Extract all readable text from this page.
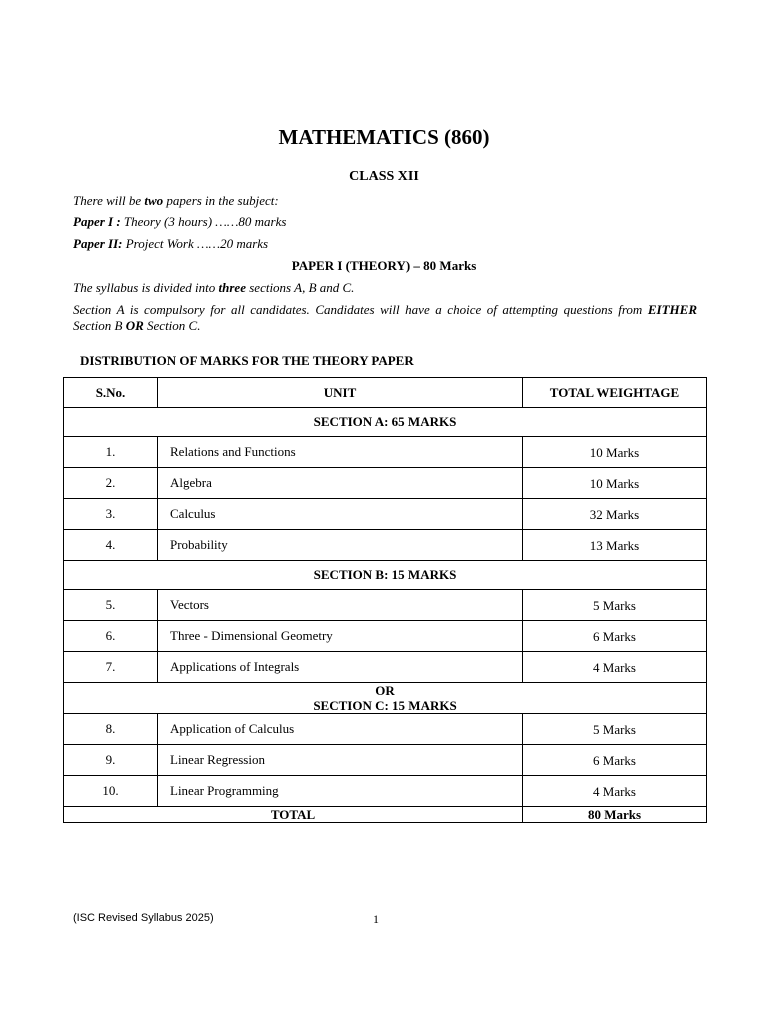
MATHEMATICS (860)
CLASS XII
There will be two papers in the subject:
Paper I : Theory (3 hours) ……80 marks
Paper II: Project Work ……20 marks
PAPER I (THEORY) – 80 Marks
The syllabus is divided into three sections A, B and C.
Section A is compulsory for all candidates. Candidates will have a choice of attempting questions from EITHER Section B OR Section C.
DISTRIBUTION OF MARKS FOR THE THEORY PAPER
S.No.	UNIT	TOTAL WEIGHTAGE
SECTION A: 65 MARKS		
1.	Relations and Functions	10 Marks
2.	Algebra	10 Marks
3.	Calculus	32 Marks
4.	Probability	13 Marks
SECTION B: 15 MARKS		
5.	Vectors	5 Marks
6.	Three - Dimensional Geometry	6 Marks
7.	Applications of Integrals	4 Marks

OR
SECTION C: 15 MARKS		

8.	Application of Calculus	5 Marks
9.	Linear Regression	6 Marks
10.	Linear Programming	4 Marks
TOTAL		80 Marks
(ISC Revised Syllabus 2025)	1
